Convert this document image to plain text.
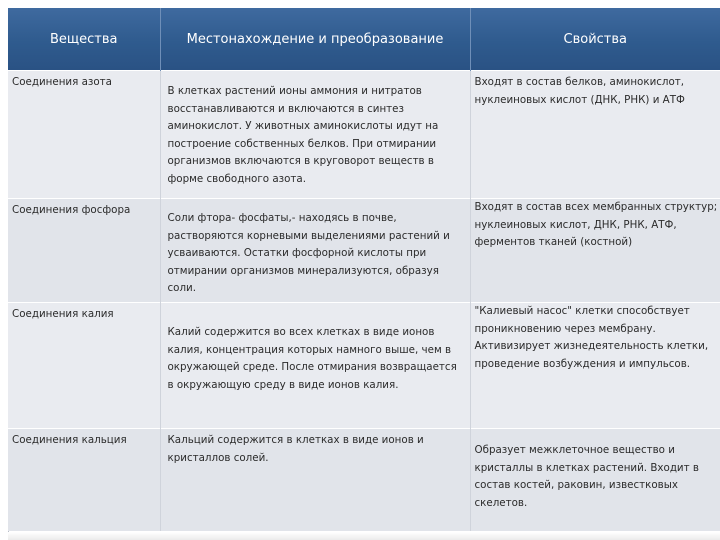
Вещества	Местонахождение и преобразование	Свойства

Соединения азота	В клетках растений ионы аммония и нитратов восстанавливаются и включаются в синтез аминокислот. У животных аминокислоты идут на построение собственных белков. При отмирании организмов включаются в круговорот веществ в форме свободного азота.	Входят в состав белков, аминокислот, нуклеиновых кислот (ДНК, РНК) и АТФ

Соединения фосфора	Соли фтора- фосфаты,- находясь в почве, растворяются корневыми выделениями растений и усваиваются. Остатки фосфорной кислоты при отмирании организмов минерализуются, образуя соли.	Входят в состав всех мембранных структур; нуклеиновых кислот, ДНК, РНК, АТФ, ферментов тканей (костной)

Соединения калия	Калий содержится во всех клетках в виде ионов калия, концентрация которых намного выше, чем в окружающей среде. После отмирания возвращается в окружающую среду в виде ионов калия.	"Калиевый насос" клетки способствует проникновению через мембрану. Активизирует жизнедеятельность клетки, проведение возбуждения и импульсов.

Соединения кальция	Кальций содержится в клетках в виде ионов и кристаллов солей.	Образует межклеточное вещество и кристаллы в клетках растений. Входит в состав костей, раковин, известковых скелетов.
